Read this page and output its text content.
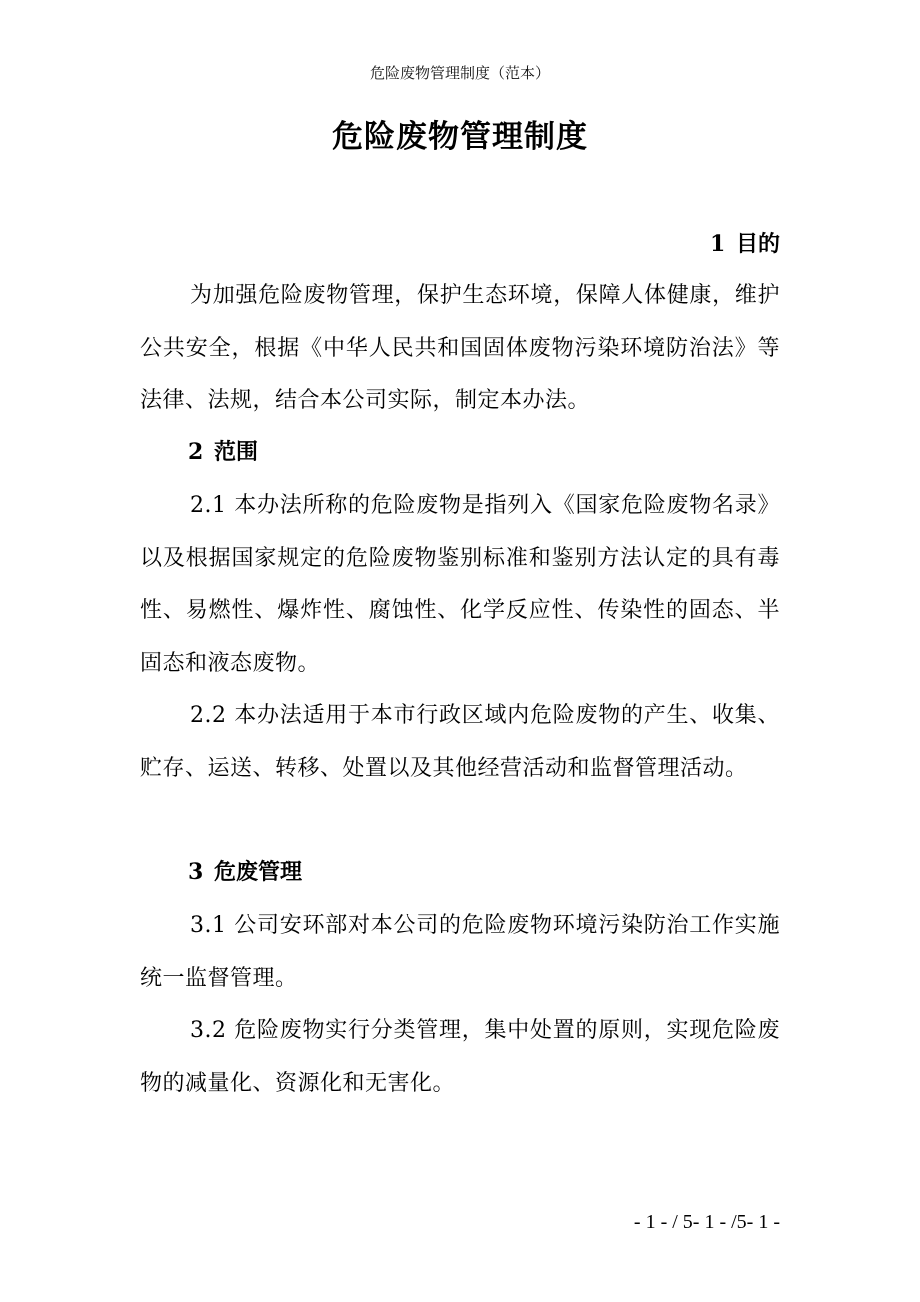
危险废物管理制度（范本）
危险废物管理制度
1 目的
为加强危险废物管理，保护生态环境，保障人体健康，维护公共安全，根据《中华人民共和国固体废物污染环境防治法》等法律、法规，结合本公司实际，制定本办法。
2 范围
2.1 本办法所称的危险废物是指列入《国家危险废物名录》以及根据国家规定的危险废物鉴别标准和鉴别方法认定的具有毒性、易燃性、爆炸性、腐蚀性、化学反应性、传染性的固态、半固态和液态废物。
2.2 本办法适用于本市行政区域内危险废物的产生、收集、贮存、运送、转移、处置以及其他经营活动和监督管理活动。
3 危废管理
3.1 公司安环部对本公司的危险废物环境污染防治工作实施统一监督管理。
3.2 危险废物实行分类管理，集中处置的原则，实现危险废物的减量化、资源化和无害化。
- 1 - / 5- 1 - /5- 1 -
